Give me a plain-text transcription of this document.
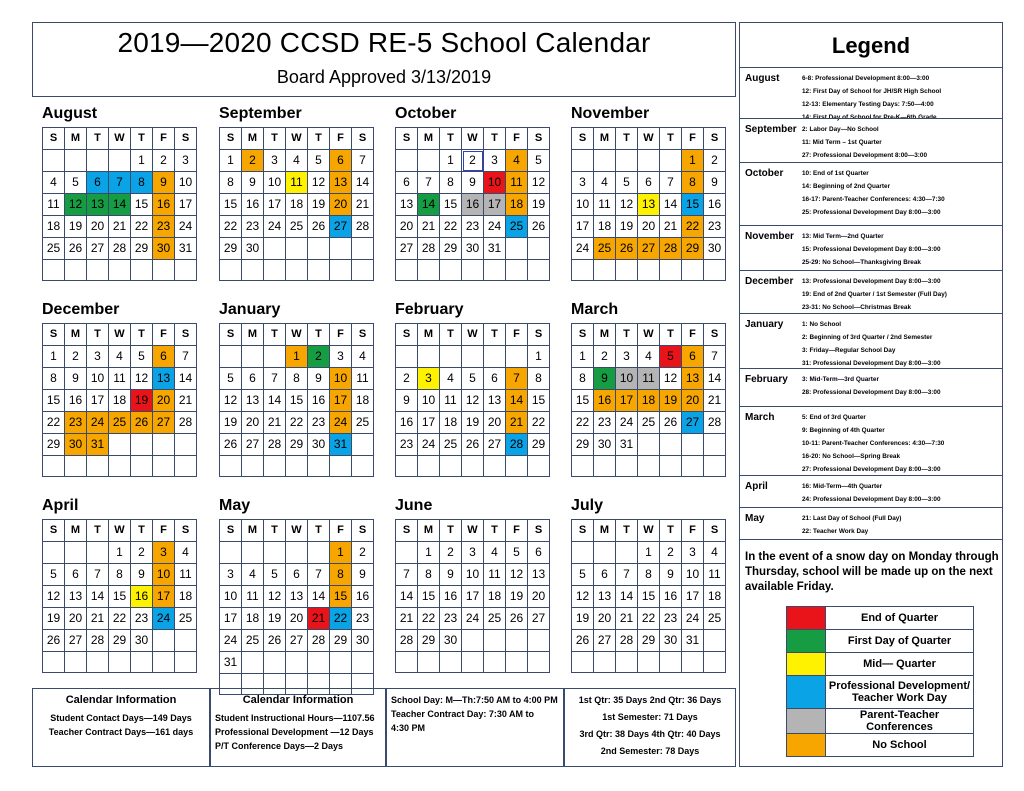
2019—2020 CCSD RE-5 School Calendar
Board Approved 3/13/2019
August
S	M	T	W	T	F	S
				1	2	3
4	5	6	7	8	9	10
11	12	13	14	15	16	17
18	19	20	21	22	23	24
25	26	27	28	29	30	31

September
S	M	T	W	T	F	S
1	2	3	4	5	6	7
8	9	10	11	12	13	14
15	16	17	18	19	20	21
22	23	24	25	26	27	28
29	30					

October
S	M	T	W	T	F	S
		1	2	3	4	5
6	7	8	9	10	11	12
13	14	15	16	17	18	19
20	21	22	23	24	25	26
27	28	29	30	31		

November
S	M	T	W	T	F	S
					1	2
3	4	5	6	7	8	9
10	11	12	13	14	15	16
17	18	19	20	21	22	23
24	25	26	27	28	29	30

December
S	M	T	W	T	F	S
1	2	3	4	5	6	7
8	9	10	11	12	13	14
15	16	17	18	19	20	21
22	23	24	25	26	27	28
29	30	31				

January
S	M	T	W	T	F	S
			1	2	3	4
5	6	7	8	9	10	11
12	13	14	15	16	17	18
19	20	21	22	23	24	25
26	27	28	29	30	31	

February
S	M	T	W	T	F	S
						1
2	3	4	5	6	7	8
9	10	11	12	13	14	15
16	17	18	19	20	21	22
23	24	25	26	27	28	29

March
S	M	T	W	T	F	S
1	2	3	4	5	6	7
8	9	10	11	12	13	14
15	16	17	18	19	20	21
22	23	24	25	26	27	28
29	30	31				

April
S	M	T	W	T	F	S
			1	2	3	4
5	6	7	8	9	10	11
12	13	14	15	16	17	18
19	20	21	22	23	24	25
26	27	28	29	30		

May
S	M	T	W	T	F	S
					1	2
3	4	5	6	7	8	9
10	11	12	13	14	15	16
17	18	19	20	21	22	23
24	25	26	27	28	29	30
31						

June
S	M	T	W	T	F	S
	1	2	3	4	5	6
7	8	9	10	11	12	13
14	15	16	17	18	19	20
21	22	23	24	25	26	27
28	29	30				

July
S	M	T	W	T	F	S
			1	2	3	4
5	6	7	8	9	10	11
12	13	14	15	16	17	18
19	20	21	22	23	24	25
26	27	28	29	30	31	

Legend
August	6-8: Professional Development 8:00—3:00
12: First Day of School for JH/SR High School
12-13: Elementary Testing Days: 7:50—4:00
14: First Day of School for Pre-K—6th Grade
September 2: Labor Day—No School
11: Mid Term – 1st Quarter
27: Professional Development 8:00—3:00
October	10: End of 1st Quarter
14: Beginning of 2nd Quarter
16-17: Parent-Teacher Conferences: 4:30—7:30
25: Professional Development Day 8:00—3:00
November 13: Mid Term—2nd Quarter
15: Professional Development Day 8:00—3:00
25-29: No School—Thanksgiving Break
December 13: Professional Development Day 8:00—3:00
19: End of 2nd Quarter / 1st Semester (Full Day)
23-31: No School—Christmas Break
January	1: No School
2: Beginning of 3rd Quarter / 2nd Semester
3: Friday—Regular School Day
31: Professional Development Day 8:00—3:00
February 3: Mid-Term—3rd Quarter
28: Professional Development Day 8:00—3:00
March	5: End of 3rd Quarter
9: Beginning of 4th Quarter
10-11: Parent-Teacher Conferences: 4:30—7:30
16-20: No School—Spring Break
27: Professional Development Day 8:00—3:00
April	16: Mid-Term—4th Quarter
24: Professional Development Day 8:00—3:00
May	21: Last Day of School (Full Day)
22: Teacher Work Day
In the event of a snow day on Monday through Thursday, school will be made up on the next available Friday.
	End of Quarter
	First Day of Quarter
	Mid— Quarter
	Professional Development/ Teacher Work Day
	Parent-Teacher Conferences
	No School
Calendar Information
Student Contact Days—149 Days
Teacher Contract Days—161 days
Calendar Information
Student Instructional Hours—1107.56
Professional Development —12 Days
P/T Conference Days—2 Days
School Day: M—Th:7:50 AM to 4:00 PM
Teacher Contract Day: 7:30 AM to
4:30 PM
1st Qtr: 35 Days 2nd Qtr: 36 Days
1st Semester: 71 Days
3rd Qtr: 38 Days 4th Qtr: 40 Days
2nd Semester: 78 Days
